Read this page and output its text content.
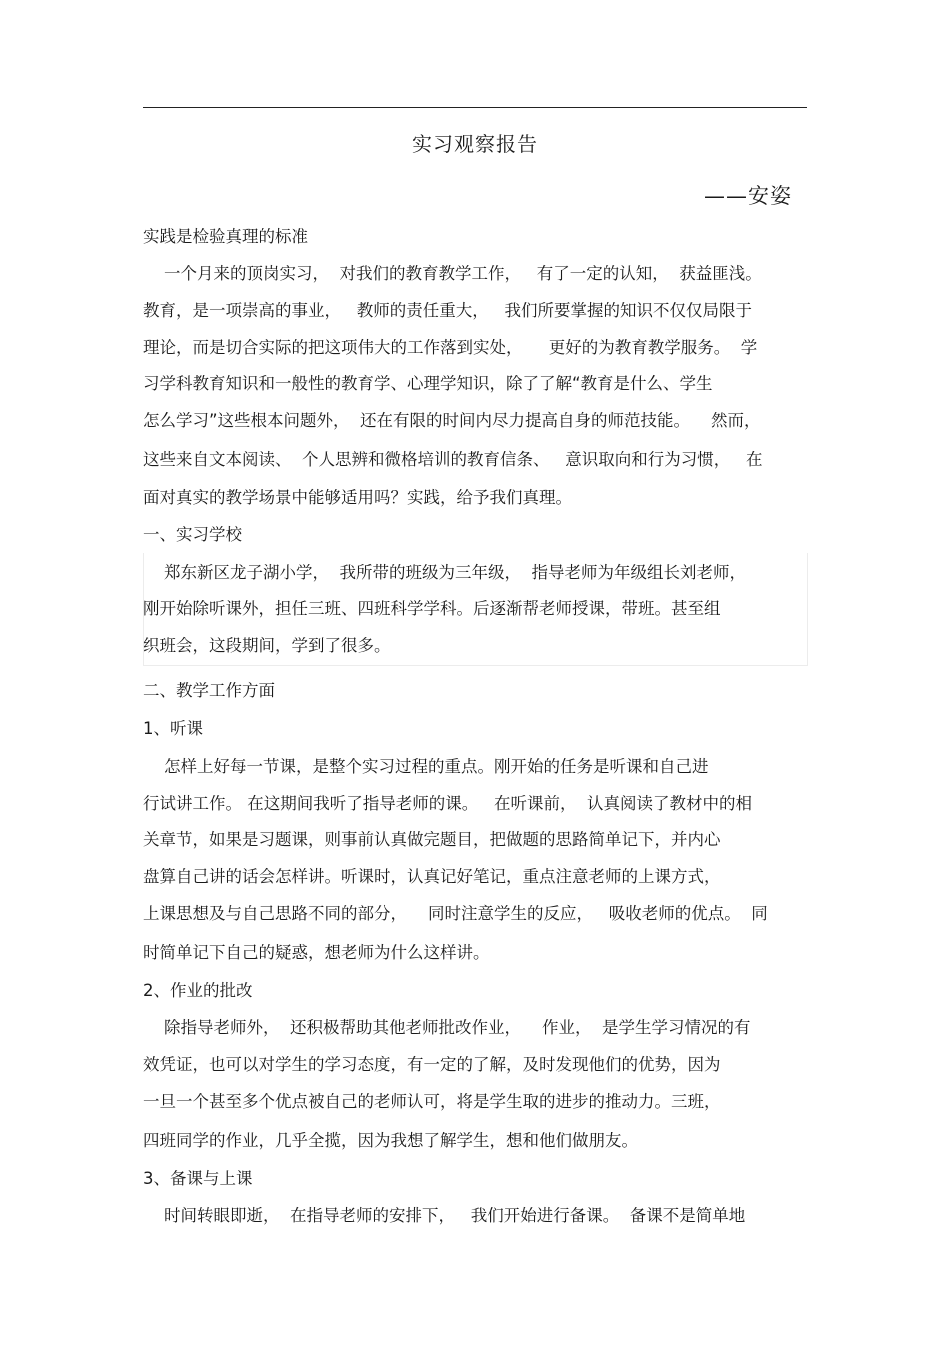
实习观察报告
——安姿
实践是检验真理的标准
一个月来的顶岗实习，  对我们的教育教学工作，   有了一定的认知，  获益匪浅。
教育，是一项崇高的事业，   教师的责任重大，   我们所要掌握的知识不仅仅局限于
理论，而是切合实际的把这项伟大的工作落到实处，     更好的为教育教学服务。  学
习学科教育知识和一般性的教育学、心理学知识，除了了解“教育是什么、学生
怎么学习”这些根本问题外，  还在有限的时间内尽力提高自身的师范技能。    然而，
这些来自文本阅读、  个人思辨和微格培训的教育信条、   意识取向和行为习惯，   在
面对真实的教学场景中能够适用吗？实践，给予我们真理。
一、实习学校
郑东新区龙子湖小学，  我所带的班级为三年级，  指导老师为年级组长刘老师，
刚开始除听课外，担任三班、四班科学学科。后逐渐帮老师授课，带班。甚至组
织班会，这段期间，学到了很多。
二、教学工作方面
1、听课
怎样上好每一节课，是整个实习过程的重点。刚开始的任务是听课和自己进
行试讲工作。 在这期间我听了指导老师的课。   在听课前，  认真阅读了教材中的相
关章节，如果是习题课，则事前认真做完题目，把做题的思路简单记下，并内心
盘算自己讲的话会怎样讲。听课时，认真记好笔记，重点注意老师的上课方式，
上课思想及与自己思路不同的部分，    同时注意学生的反应，   吸收老师的优点。  同
时简单记下自己的疑惑，想老师为什么这样讲。
2、作业的批改
除指导老师外，  还积极帮助其他老师批改作业，    作业，  是学生学习情况的有
效凭证，也可以对学生的学习态度，有一定的了解，及时发现他们的优势，因为
一旦一个甚至多个优点被自己的老师认可，将是学生取的进步的推动力。三班，
四班同学的作业，几乎全揽，因为我想了解学生，想和他们做朋友。
3、备课与上课
时间转眼即逝，  在指导老师的安排下，   我们开始进行备课。  备课不是简单地
